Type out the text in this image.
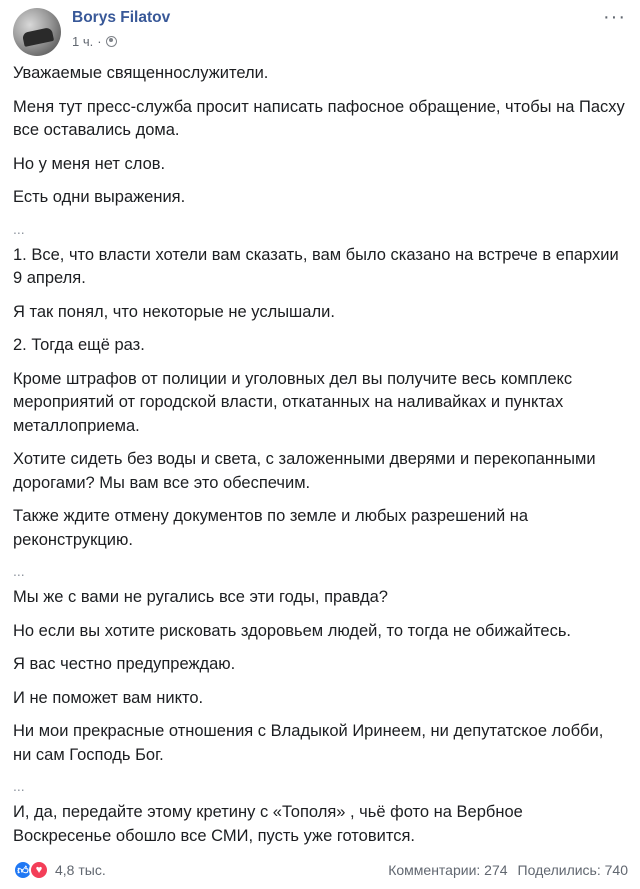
Borys Filatov
1 ч. ·
···
Уважаемые священнослужители.
Меня тут пресс-служба просит написать пафосное обращение, чтобы на Пасху все оставались дома.
Но у меня нет слов.
Есть одни выражения.
...
1. Все, что власти хотели вам сказать, вам было сказано на встрече в епархии 9 апреля.
Я так понял, что некоторые не услышали.
2. Тогда ещё раз.
Кроме штрафов от полиции и уголовных дел вы получите весь комплекс мероприятий от городской власти, откатанных на наливайках и пунктах металлоприема.
Хотите сидеть без воды и света, с заложенными дверями и перекопанными дорогами? Мы вам все это обеспечим.
Также ждите отмену документов по земле и любых разрешений на реконструкцию.
...
Мы же с вами не ругались все эти годы, правда?
Но если вы хотите рисковать здоровьем людей, то тогда не обижайтесь.
Я вас честно предупреждаю.
И не поможет вам никто.
Ни мои прекрасные отношения с Владыкой Иринеем, ни депутатское лобби, ни сам Господь Бог.
...
И, да, передайте этому кретину с «Тополя» , чьё фото на Вербное Воскресенье обошло все СМИ, пусть уже готовится.
👍︎ ♥ 4,8 тыс.	Комментарии: 274 Поделились: 740
